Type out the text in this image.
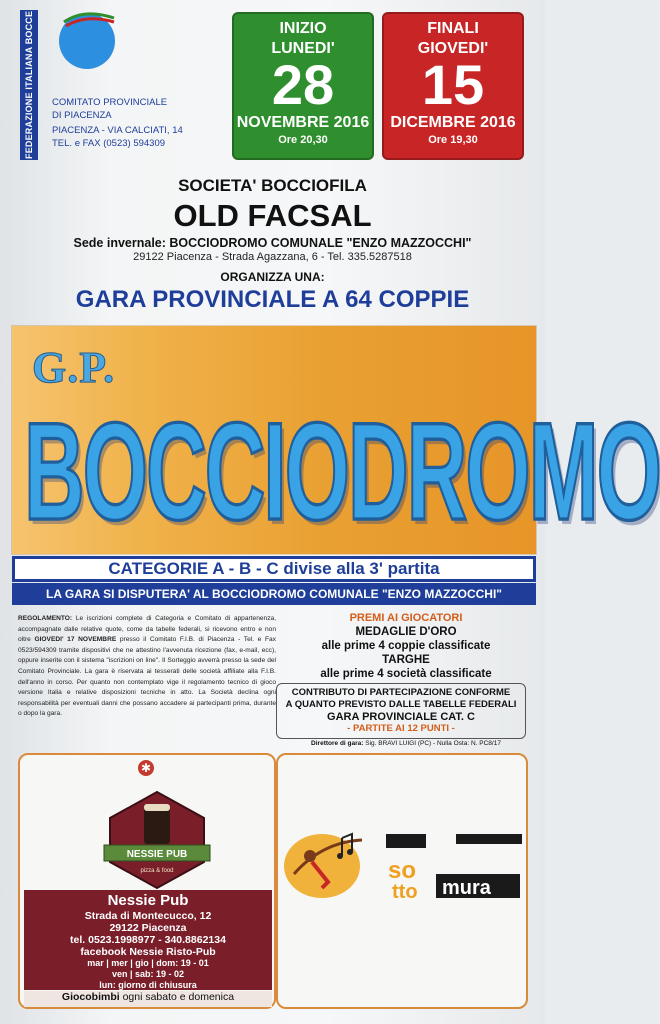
FEDERAZIONE ITALIANA BOCCE	COMITATO PROVINCIALE
DI PIACENZA
PIACENZA - VIA CALCIATI, 14
TEL. e FAX (0523) 594309
INIZIO
LUNEDI'
28
NOVEMBRE 2016
Ore 20,30
FINALI
GIOVEDI'
15
DICEMBRE 2016
Ore 19,30
SOCIETA' BOCCIOFILA
OLD FACSAL
Sede invernale: BOCCIODROMO COMUNALE "ENZO MAZZOCCHI"
29122 Piacenza - Strada Agazzana, 6 - Tel. 335.5287518
ORGANIZZA UNA:
GARA PROVINCIALE A 64 COPPIE
G.P.
BOCCIODROMO
CATEGORIE A - B - C divise alla 3' partita
LA GARA SI DISPUTERA' AL BOCCIODROMO COMUNALE "ENZO MAZZOCCHI"
REGOLAMENTO: Le iscrizioni complete di Categoria e Comitato di appartenenza, accompagnate dalle relative quote, come da tabelle federali, si ricevono entro e non oltre GIOVEDI' 17 NOVEMBRE presso il Comitato F.I.B. di Piacenza - Tel. e Fax 0523/594309 tramite dispositivi che ne attestino l'avvenuta ricezione (fax, e-mail, ecc), oppure inserite con il sistema "iscrizioni on line". Il Sorteggio avverrà presso la sede del Comitato Provinciale. La gara è riservata ai tesserati delle società affiliate alla F.I.B. dell'anno in corso. Per quanto non contemplato vige il regolamento tecnico di gioco versione Italia e relative disposizioni tecniche in atto. La Società declina ogni responsabilità per eventuali danni che possano accadere ai partecipanti prima, durante o dopo la gara.
PREMI AI GIOCATORI
MEDAGLIE D'ORO
alle prime 4 coppie classificate
TARGHE
alle prime 4 società classificate
CONTRIBUTO DI PARTECIPAZIONE CONFORME
A QUANTO PREVISTO DALLE TABELLE FEDERALI
GARA PROVINCIALE CAT. C
- PARTITE AI 12 PUNTI -
Direttore di gara: Sig. BRAVI LUIGI (PC) - Nulla Osta: N. PC8/17
✱
NESSIE PUB
pizza & food
Nessie Pub
Strada di Montecucco, 12
29122 Piacenza
tel. 0523.1998977 - 340.8862134
facebook Nessie Risto-Pub
mar | mer | gio | dom: 19 - 01
ven | sab: 19 - 02
lun: giorno di chiusura
Giocobimbi ogni sabato e domenica
so
tto mura
